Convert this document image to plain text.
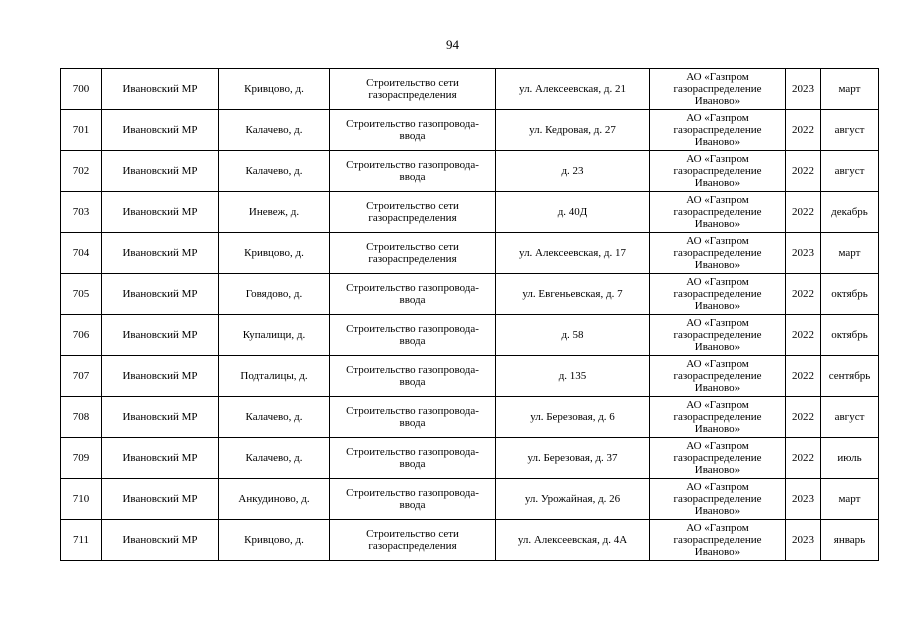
94
700	Ивановский МР	Кривцово, д.	Строительство сети
газораспределения	ул. Алексеевская, д. 21	АО «Газпром
газораспределение
Иваново»	2023	март
701	Ивановский МР	Калачево, д.	Строительство газопровода-
ввода	ул. Кедровая, д. 27	АО «Газпром
газораспределение
Иваново»	2022	август
702	Ивановский МР	Калачево, д.	Строительство газопровода-
ввода	д. 23	АО «Газпром
газораспределение
Иваново»	2022	август
703	Ивановский МР	Иневеж, д.	Строительство сети
газораспределения	д. 40Д	АО «Газпром
газораспределение
Иваново»	2022	декабрь
704	Ивановский МР	Кривцово, д.	Строительство сети
газораспределения	ул. Алексеевская, д. 17	АО «Газпром
газораспределение
Иваново»	2023	март
705	Ивановский МР	Говядово, д.	Строительство газопровода-
ввода	ул. Евгеньевская, д. 7	АО «Газпром
газораспределение
Иваново»	2022	октябрь
706	Ивановский МР	Купалищи, д.	Строительство газопровода-
ввода	д. 58	АО «Газпром
газораспределение
Иваново»	2022	октябрь
707	Ивановский МР	Подталицы, д.	Строительство газопровода-
ввода	д. 135	АО «Газпром
газораспределение
Иваново»	2022	сентябрь
708	Ивановский МР	Калачево, д.	Строительство газопровода-
ввода	ул. Березовая, д. 6	АО «Газпром
газораспределение
Иваново»	2022	август
709	Ивановский МР	Калачево, д.	Строительство газопровода-
ввода	ул. Березовая, д. 37	АО «Газпром
газораспределение
Иваново»	2022	июль
710	Ивановский МР	Анкудиново, д.	Строительство газопровода-
ввода	ул. Урожайная, д. 26	АО «Газпром
газораспределение
Иваново»	2023	март
711	Ивановский МР	Кривцово, д.	Строительство сети
газораспределения	ул. Алексеевская, д. 4А	АО «Газпром
газораспределение
Иваново»	2023	январь
